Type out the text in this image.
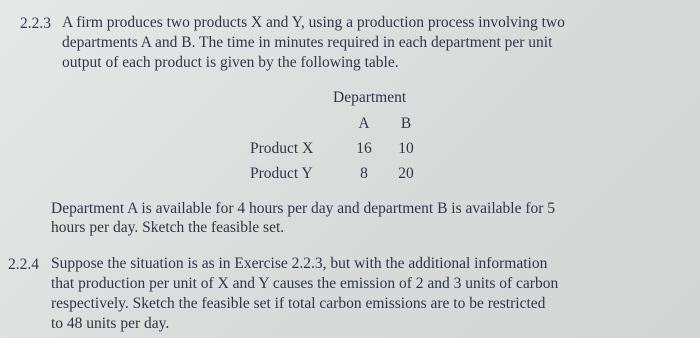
2.2.3 A firm produces two products X and Y, using a production process involving two
departments A and B. The time in minutes required in each department per unit
output of each product is given by the following table.
Department
	A	B
Product X	16	10
Product Y	8	20
Department A is available for 4 hours per day and department B is available for 5
hours per day. Sketch the feasible set.
2.2.4 Suppose the situation is as in Exercise 2.2.3, but with the additional information
that production per unit of X and Y causes the emission of 2 and 3 units of carbon
respectively. Sketch the feasible set if total carbon emissions are to be restricted
to 48 units per day.
